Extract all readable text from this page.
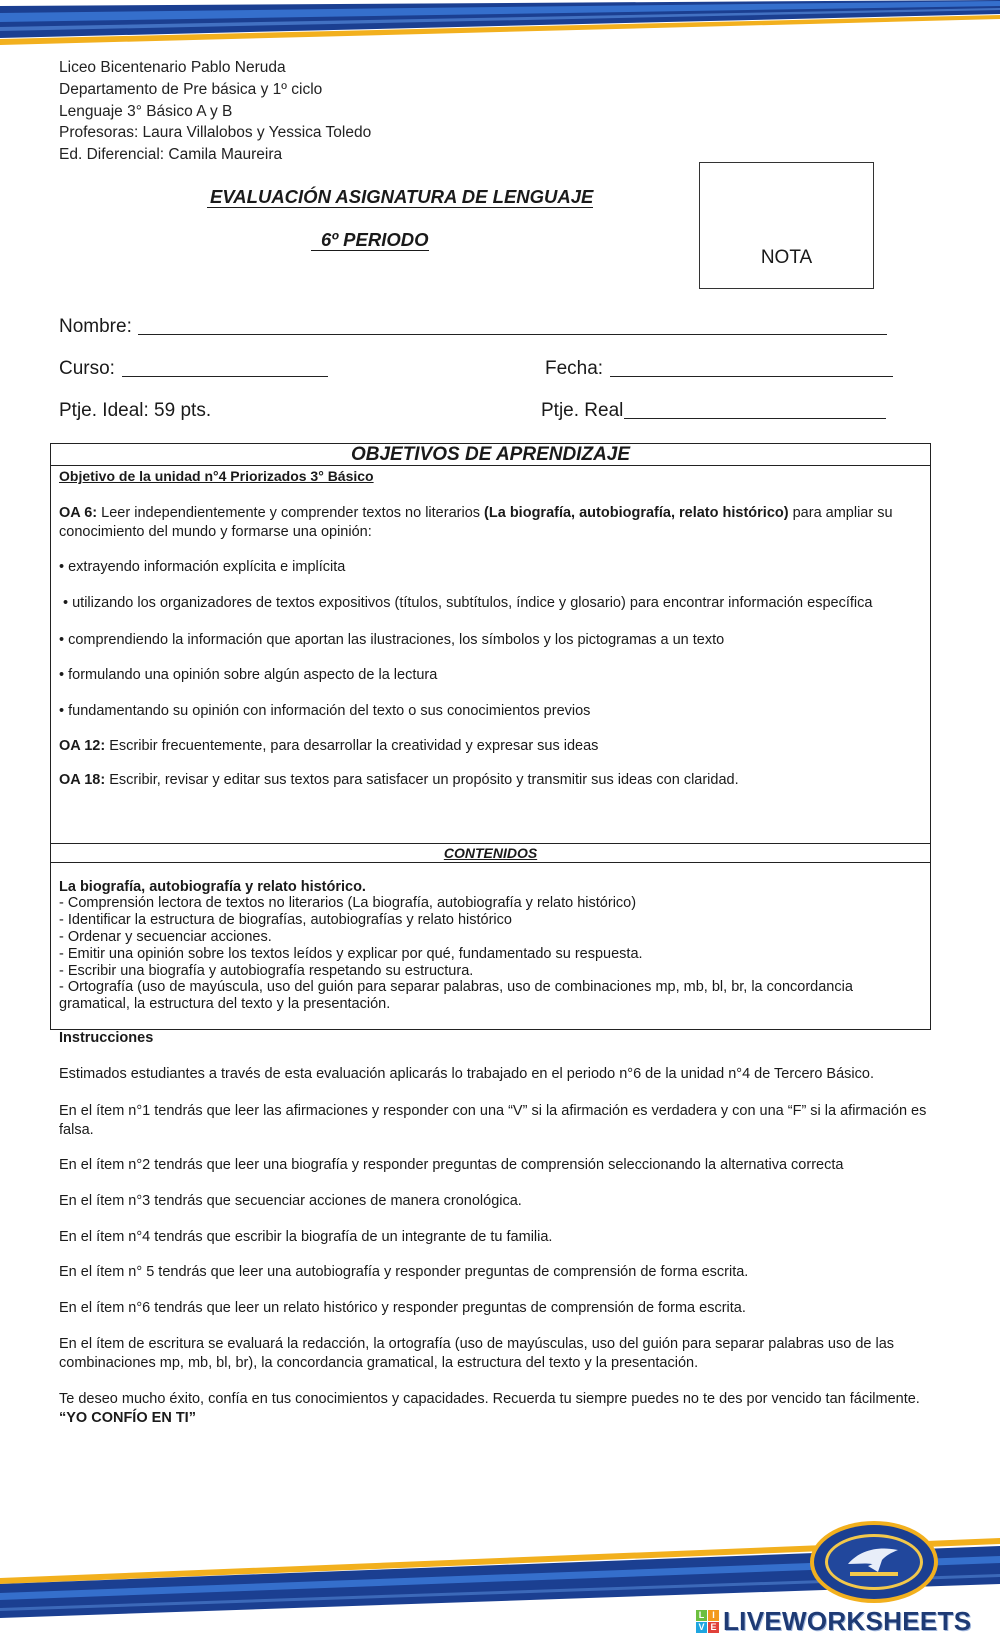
Liceo Bicentenario Pablo Neruda
Departamento de Pre básica y 1º ciclo
Lenguaje 3° Básico A y B
Profesoras: Laura Villalobos y Yessica Toledo
Ed. Diferencial: Camila Maureira
EVALUACIÓN ASIGNATURA DE LENGUAJE
6º PERIODO
NOTA
Nombre:
Curso:	Fecha:
Ptje. Ideal: 59 pts.	Ptje. Real
OBJETIVOS DE APRENDIZAJE
Objetivo de la unidad n°4 Priorizados 3° Básico
OA 6: Leer independientemente y comprender textos no literarios (La biografía, autobiografía, relato histórico) para ampliar su conocimiento del mundo y formarse una opinión:
• extrayendo información explícita e implícita
• utilizando los organizadores de textos expositivos (títulos, subtítulos, índice y glosario) para encontrar información específica
• comprendiendo la información que aportan las ilustraciones, los símbolos y los pictogramas a un texto
• formulando una opinión sobre algún aspecto de la lectura
• fundamentando su opinión con información del texto o sus conocimientos previos
OA 12: Escribir frecuentemente, para desarrollar la creatividad y expresar sus ideas
OA 18: Escribir, revisar y editar sus textos para satisfacer un propósito y transmitir sus ideas con claridad.
CONTENIDOS
La biografía, autobiografía y relato histórico.
- Comprensión lectora de textos no literarios (La biografía, autobiografía y relato histórico)
- Identificar la estructura de biografías, autobiografías y relato histórico
- Ordenar y secuenciar acciones.
- Emitir una opinión sobre los textos leídos y explicar por qué, fundamentado su respuesta.
- Escribir una biografía y autobiografía respetando su estructura.
- Ortografía (uso de mayúscula, uso del guión para separar palabras, uso de combinaciones mp, mb, bl, br, la concordancia gramatical, la estructura del texto y la presentación.
Instrucciones
Estimados estudiantes a través de esta evaluación aplicarás lo trabajado en el periodo n°6 de la unidad n°4 de Tercero Básico.
En el ítem n°1 tendrás que leer las afirmaciones y responder con una “V” si la afirmación es verdadera y con una “F” si la afirmación es falsa.
En el ítem n°2 tendrás que leer una biografía y responder preguntas de comprensión seleccionando la alternativa correcta
En el ítem n°3 tendrás que secuenciar acciones de manera cronológica.
En el ítem n°4 tendrás que escribir la biografía de un integrante de tu familia.
En el ítem n° 5 tendrás que leer una autobiografía y responder preguntas de comprensión de forma escrita.
En el ítem n°6 tendrás que leer un relato histórico y responder preguntas de comprensión de forma escrita.
En el ítem de escritura se evaluará la redacción, la ortografía (uso de mayúsculas, uso del guión para separar palabras uso de las combinaciones mp, mb, bl, br), la concordancia gramatical, la estructura del texto y la presentación.
Te deseo mucho éxito, confía en tus conocimientos y capacidades. Recuerda tu siempre puedes no te des por vencido tan fácilmente. “YO CONFÍO EN TI”
L I
V E LIVEWORKSHEETS
